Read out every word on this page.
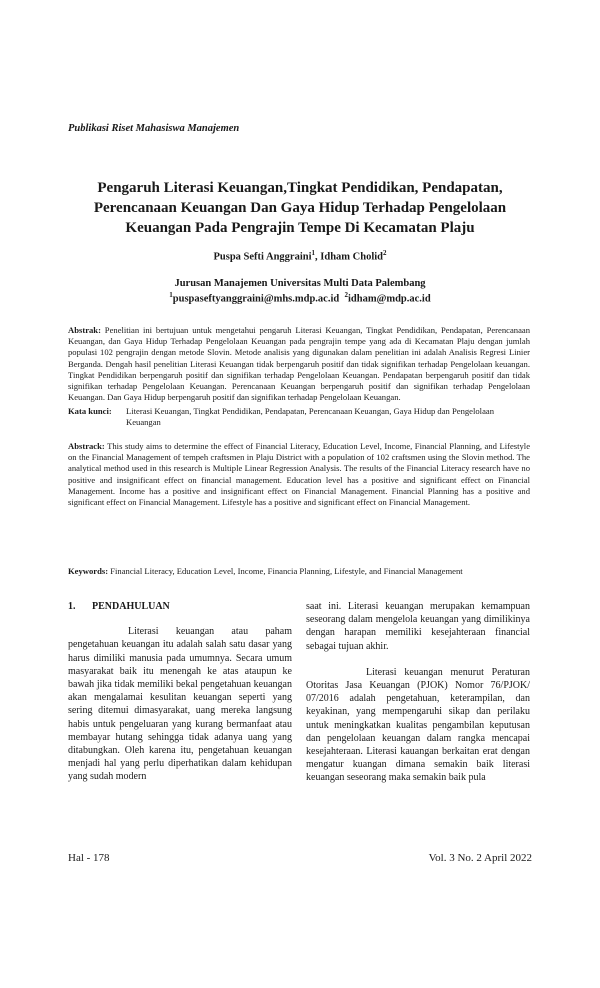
Publikasi Riset Mahasiswa Manajemen
Pengaruh Literasi Keuangan,Tingkat Pendidikan, Pendapatan,
Perencanaan Keuangan Dan Gaya Hidup Terhadap Pengelolaan
Keuangan Pada Pengrajin Tempe Di Kecamatan Plaju
Puspa Sefti Anggraini$^1$, Idham Cholid$^2$
Jurusan Manajemen Universitas Multi Data Palembang
$^1$puspaseftyanggraini@mhs.mdp.ac.id $^2$idham@mdp.ac.id
Abstrak: Penelitian ini bertujuan untuk mengetahui pengaruh Literasi Keuangan, Tingkat Pendidikan, Pendapatan, Perencanaan Keuangan, dan Gaya Hidup Terhadap Pengelolaan Keuangan pada pengrajin tempe yang ada di Kecamatan Plaju dengan jumlah populasi 102 pengrajin dengan metode Slovin. Metode analisis yang digunakan dalam penelitian ini adalah Analisis Regresi Linier Berganda. Dengah hasil penelitian Literasi Keuangan tidak berpengaruh positif dan tidak signifikan terhadap Pengelolaan keuangan. Tingkat Pendidikan berpengaruh positif dan signifikan terhadap Pengelolaan Keuangan. Pendapatan berpengaruh positif dan tidak signifikan terhadap Pengelolaan Keuangan. Perencanaan Keuangan berpengaruh positif dan signifikan terhadap Pengelolaan Keuangan. Dan Gaya Hidup berpengaruh positif dan signifikan terhadap Pengelolaan Keuangan.
Kata kunci:	Literasi Keuangan, Tingkat Pendidikan, Pendapatan, Perencanaan Keuangan, Gaya Hidup dan Pengelolaan Keuangan
Abstrack: This study aims to determine the effect of Financial Literacy, Education Level, Income, Financial Planning, and Lifestyle on the Financial Management of tempeh craftsmen in Plaju District with a population of 102 craftsmen using the Slovin method. The analytical method used in this research is Multiple Linear Regression Analysis. The results of the Financial Literacy research have no positive and insignificant effect on financial management. Education level has a positive and significant effect on Financial Management. Income has a positive and insignificant effect on Financial Management. Financial Planning has a positive and significant effect on Financial Management. Lifestyle has a positive and significant effect on Financial Management.
Keywords: Financial Literacy, Education Level, Income, Financia Planning, Lifestyle, and Financial Management
1. PENDAHULUAN

Literasi keuangan atau paham pengetahuan keuangan itu adalah salah satu dasar yang harus dimiliki manusia pada umumnya. Secara umum masyarakat baik itu menengah ke atas ataupun ke bawah jika tidak memiliki bekal pengetahuan keuangan akan mengalamai kesulitan keuangan seperti yang sering ditemui dimasyarakat, uang mereka langsung habis untuk pengeluaran yang kurang bermanfaat atau membayar hutang sehingga tidak adanya uang yang ditabungkan. Oleh karena itu, pengetahuan keuangan menjadi hal yang perlu diperhatikan dalam kehidupan yang sudah modern

saat ini. Literasi keuangan merupakan kemampuan seseorang dalam mengelola keuangan yang dimilikinya dengan harapan memiliki kesejahteraan financial sebagai tujuan akhir.

Literasi keuangan menurut Peraturan Otoritas Jasa Keuangan (PJOK) Nomor 76/PJOK/ 07/2016 adalah pengetahuan, keterampilan, dan keyakinan, yang mempengaruhi sikap dan perilaku untuk meningkatkan kualitas pengambilan keputusan dan pengelolaan keuangan dalam rangka mencapai kesejahteraan. Literasi kauangan berkaitan erat dengan mengatur kuangan dimana semakin baik literasi keuangan seseorang maka semakin baik pula

Hal - 178	Vol. 3 No. 2 April 2022
